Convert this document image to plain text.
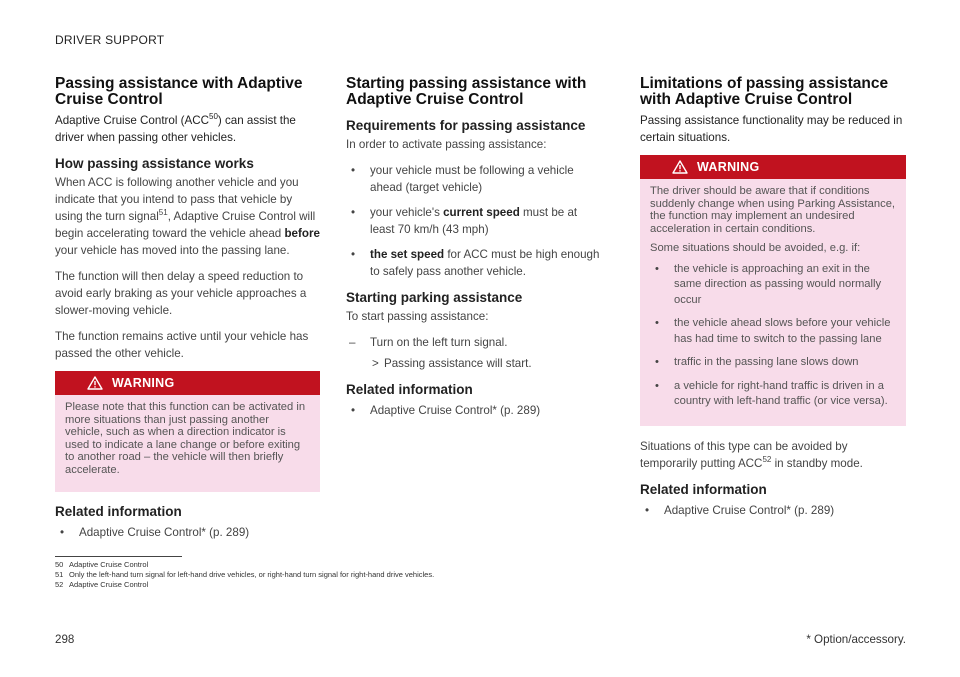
DRIVER SUPPORT
Passing assistance with Adaptive Cruise Control

Adaptive Cruise Control (ACC$^{50}$) can assist the driver when passing other vehicles.

How passing assistance works

When ACC is following another vehicle and you indicate that you intend to pass that vehicle by using the turn signal$^{51}$, Adaptive Cruise Control will begin accelerating toward the vehicle ahead before your vehicle has moved into the passing lane.

The function will then delay a speed reduction to avoid early braking as your vehicle approaches a slower-moving vehicle.

The function remains active until your vehicle has passed the other vehicle.

WARNING

Please note that this function can be activated in more situations than just passing another vehicle, such as when a direction indicator is used to indicate a lane change or before exiting to another road – the vehicle will then briefly accelerate.

Related information
• Adaptive Cruise Control* (p. 289)
Starting passing assistance with Adaptive Cruise Control
Requirements for passing assistance

In order to activate passing assistance:

• your vehicle must be following a vehicle ahead (target vehicle)
• your vehicle's current speed must be at least 70 km/h (43 mph)
• the set speed for ACC must be high enough to safely pass another vehicle.
Starting parking assistance

To start passing assistance:

– Turn on the left turn signal.
> Passing assistance will start.
Related information
• Adaptive Cruise Control* (p. 289)
Limitations of passing assistance with Adaptive Cruise Control

Passing assistance functionality may be reduced in certain situations.

WARNING

The driver should be aware that if conditions suddenly change when using Parking Assistance, the function may implement an undesired acceleration in certain conditions.

Some situations should be avoided, e.g. if:

• the vehicle is approaching an exit in the same direction as passing would normally occur
• the vehicle ahead slows before your vehicle has had time to switch to the passing lane
• traffic in the passing lane slows down
• a vehicle for right-hand traffic is driven in a country with left-hand traffic (or vice versa).

Situations of this type can be avoided by temporarily putting ACC$^{52}$ in standby mode.

Related information
• Adaptive Cruise Control* (p. 289)
50 Adaptive Cruise Control
51 Only the left-hand turn signal for left-hand drive vehicles, or right-hand turn signal for right-hand drive vehicles.
52 Adaptive Cruise Control
298	* Option/accessory.
